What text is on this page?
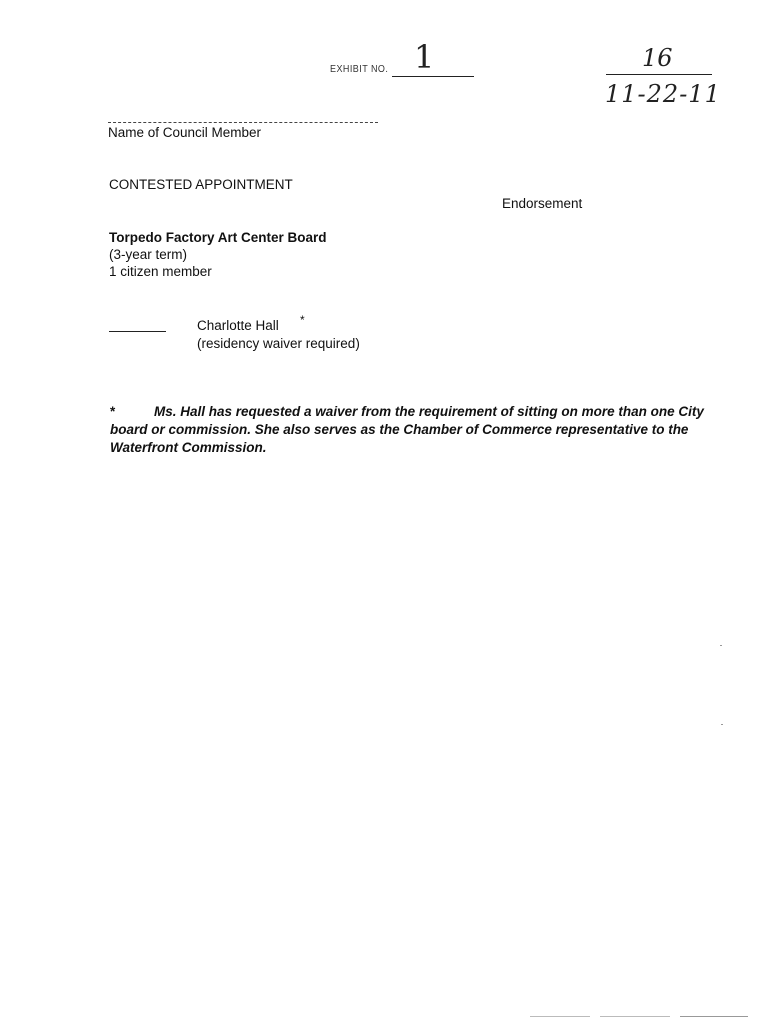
EXHIBIT NO. 1	16
11-22-11
Name of Council Member
CONTESTED APPOINTMENT
Endorsement
Torpedo Factory Art Center Board
(3-year term)
1 citizen member
Charlotte Hall *
(residency waiver required)
*	Ms. Hall has requested a waiver from the requirement of sitting on more than one City board or commission. She also serves as the Chamber of Commerce representative to the Waterfront Commission.
